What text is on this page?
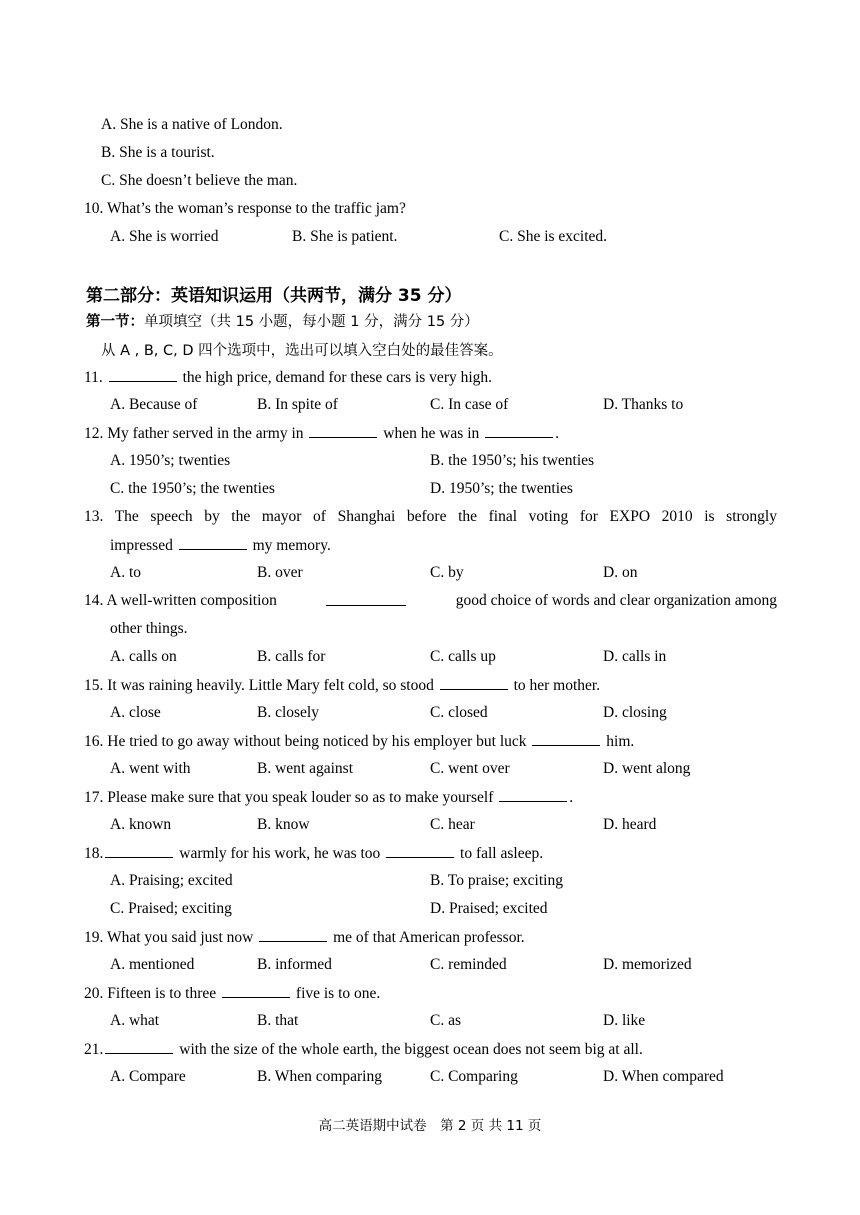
A. She is a native of London.
B. She is a tourist.
C. She doesn’t believe the man.
10. What’s the woman’s response to the traffic jam?
A. She is worried	B. She is patient.	C. She is excited.
第二部分：英语知识运用（共两节，满分 35 分）
第一节：单项填空（共 15 小题，每小题 1 分，满分 15 分）
从 A , B, C, D 四个选项中，选出可以填入空白处的最佳答案。
11.	the high price, demand for these cars is very high.
A. Because of	B. In spite of	C. In case of	D. Thanks to
12. My father served in the army in	when he was in	.
A. 1950’s; twenties	B. the 1950’s; his twenties
C. the 1950’s; the twenties	D. 1950’s; the twenties
13. The speech by the mayor of Shanghai before the final voting for EXPO 2010 is strongly
impressed	my memory.
A. to	B. over	C. by	D. on
14. A well-written composition	good choice of words and clear organization among
other things.
A. calls on	B. calls for	C. calls up	D. calls in
15. It was raining heavily. Little Mary felt cold, so stood	to her mother.
A. close	B. closely	C. closed	D. closing
16. He tried to go away without being noticed by his employer but luck	him.
A. went with	B. went against	C. went over	D. went along
17. Please make sure that you speak louder so as to make yourself	.
A. known	B. know	C. hear	D. heard
18.	warmly for his work, he was too	to fall asleep.
A. Praising; excited	B. To praise; exciting
C. Praised; exciting	D. Praised; excited
19. What you said just now	me of that American professor.
A. mentioned	B. informed	C. reminded	D. memorized
20. Fifteen is to three	five is to one.
A. what	B. that	C. as	D. like
21.	with the size of the whole earth, the biggest ocean does not seem big at all.
A. Compare	B. When comparing	C. Comparing	D. When compared
高二英语期中试卷　第 2 页 共 11 页
